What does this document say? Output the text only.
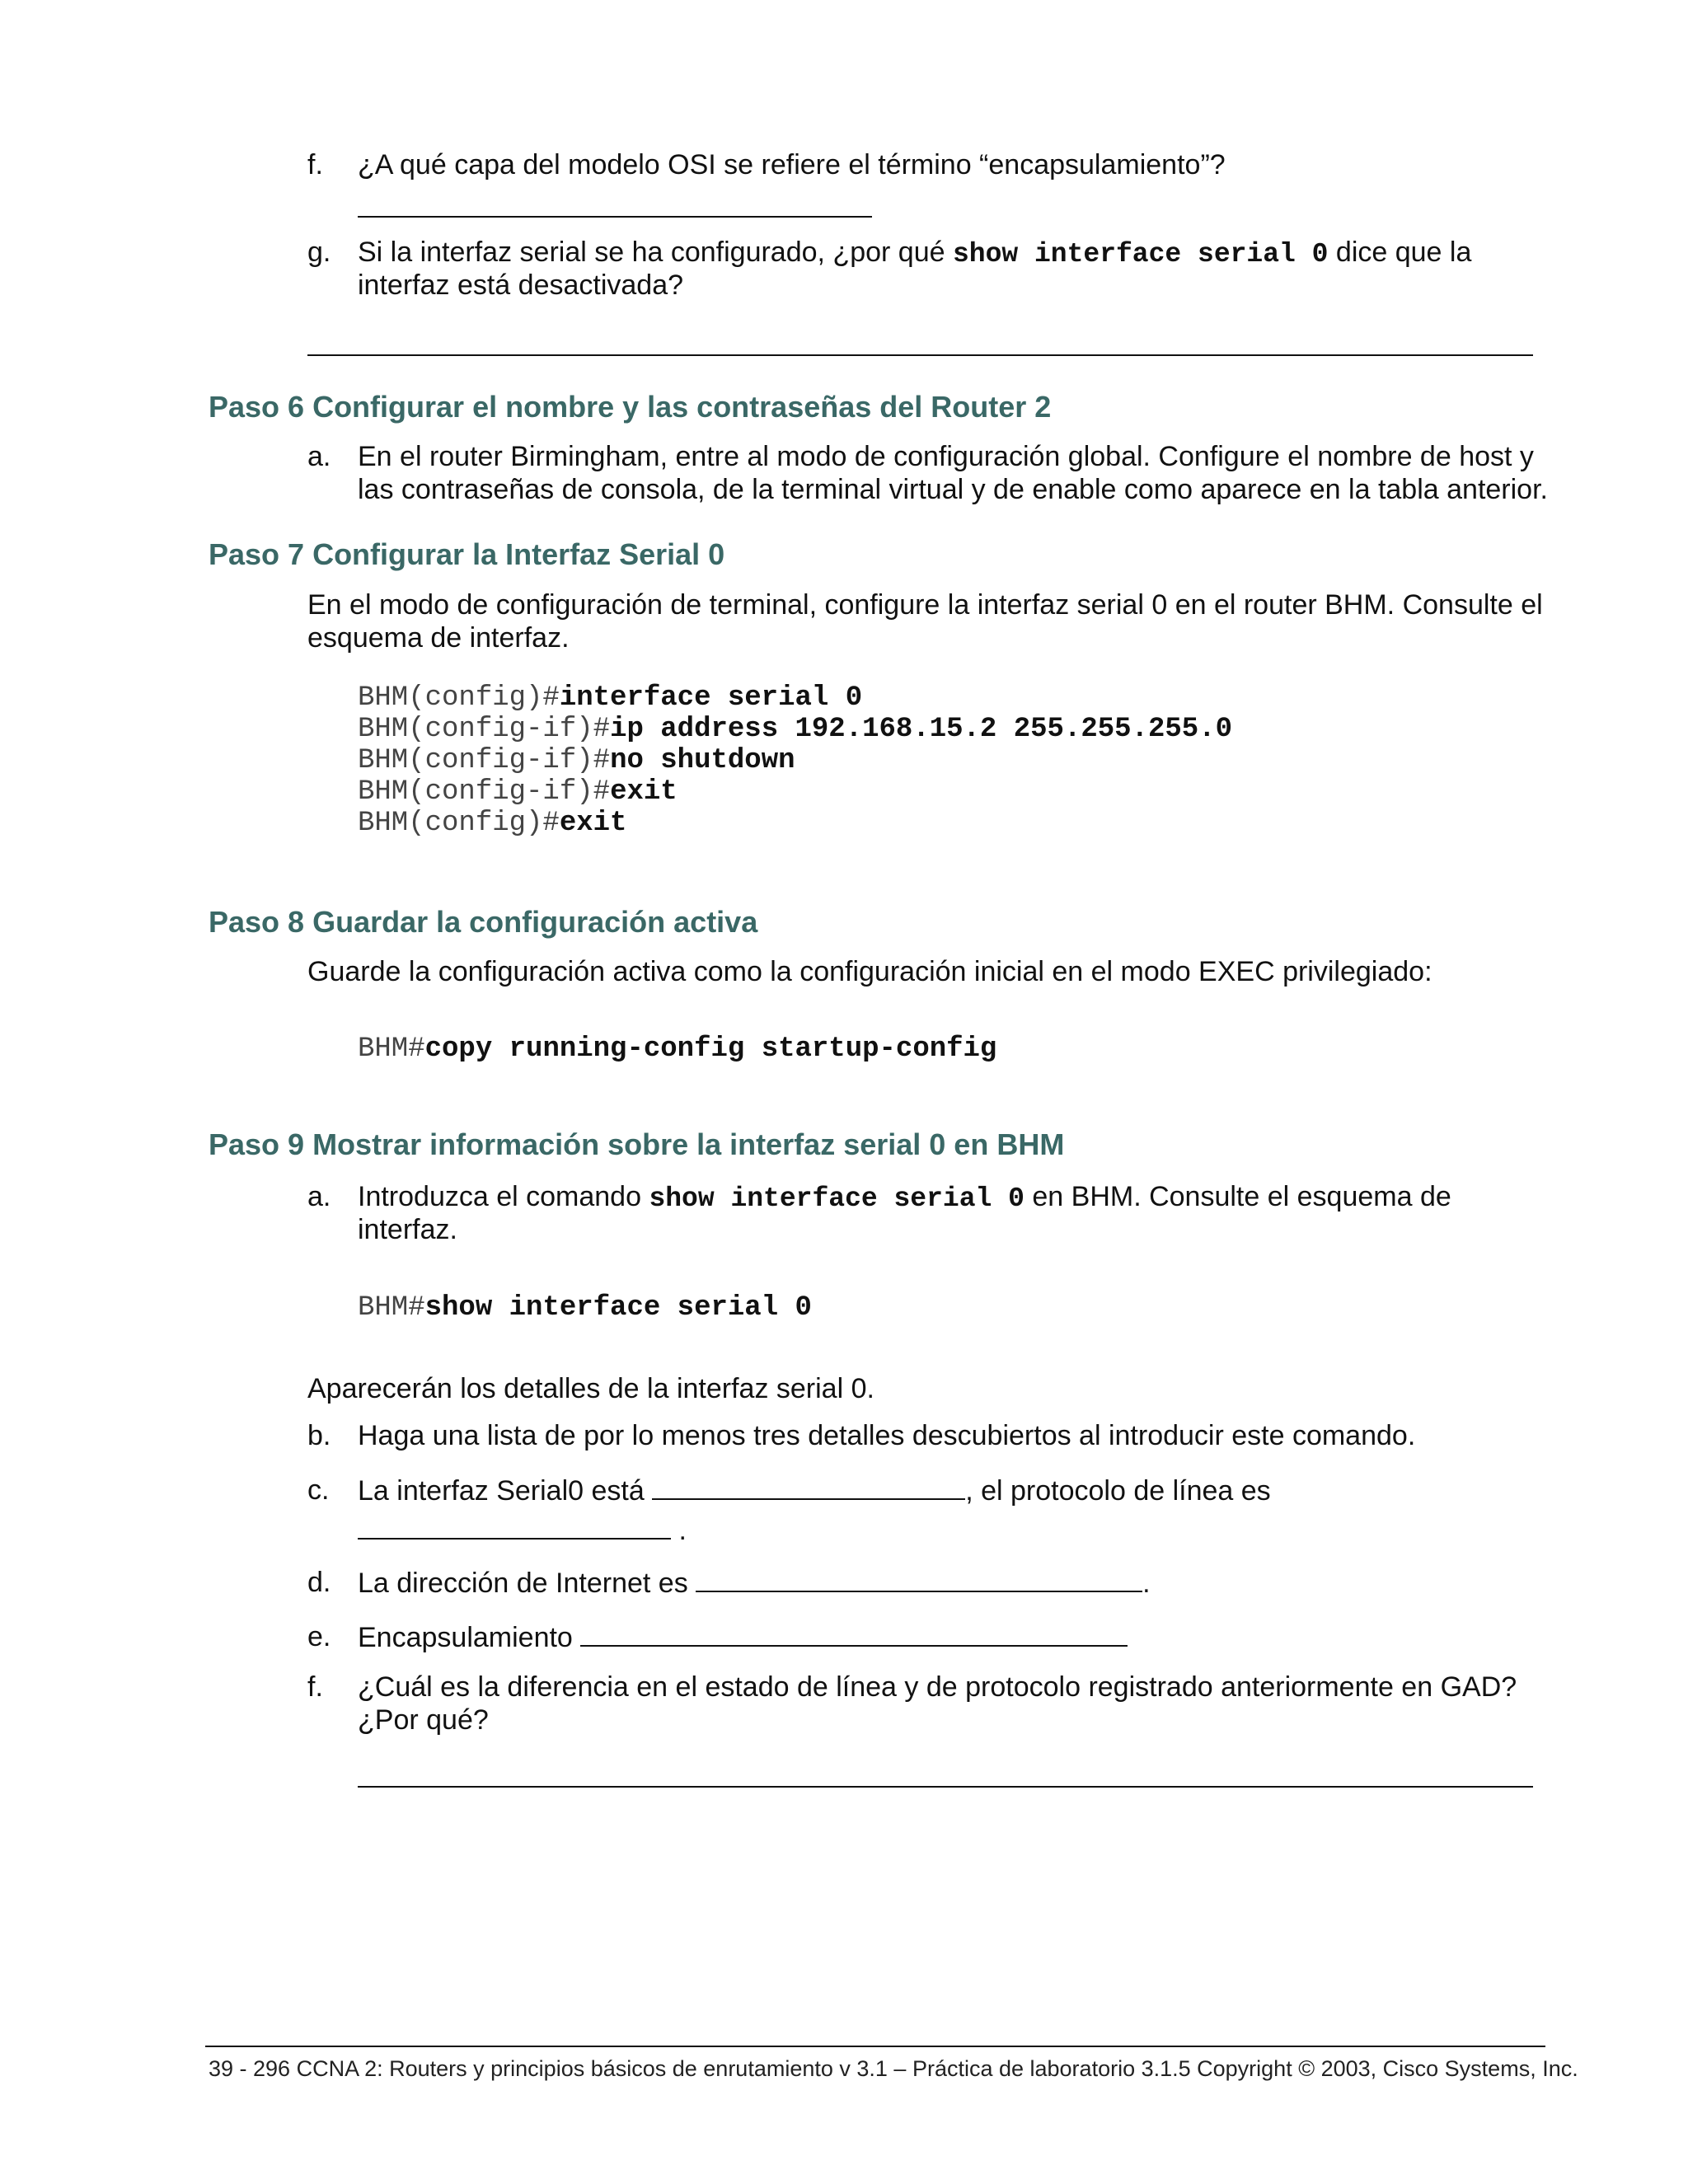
f. ¿A qué capa del modelo OSI se refiere el término “encapsulamiento”?
g. Si la interfaz serial se ha configurado, ¿por qué show interface serial 0 dice que la
interfaz está desactivada?
Paso 6 Configurar el nombre y las contraseñas del Router 2
a. En el router Birmingham, entre al modo de configuración global. Configure el nombre de host y
las contraseñas de consola, de la terminal virtual y de enable como aparece en la tabla anterior.
Paso 7 Configurar la Interfaz Serial 0
En el modo de configuración de terminal, configure la interfaz serial 0 en el router BHM. Consulte el
esquema de interfaz.
BHM(config)#interface serial 0
BHM(config-if)#ip address 192.168.15.2 255.255.255.0
BHM(config-if)#no shutdown
BHM(config-if)#exit
BHM(config)#exit
Paso 8 Guardar la configuración activa
Guarde la configuración activa como la configuración inicial en el modo EXEC privilegiado:
BHM#copy running-config startup-config
Paso 9 Mostrar información sobre la interfaz serial 0 en BHM
a. Introduzca el comando show interface serial 0 en BHM. Consulte el esquema de
interfaz.
BHM#show interface serial 0
Aparecerán los detalles de la interfaz serial 0.
b. Haga una lista de por lo menos tres detalles descubiertos al introducir este comando.
c. La interfaz Serial0 está	, el protocolo de línea es
.
d. La dirección de Internet es	.
e. Encapsulamiento
f. ¿Cuál es la diferencia en el estado de línea y de protocolo registrado anteriormente en GAD?
¿Por qué?
39 - 296 CCNA 2: Routers y principios básicos de enrutamiento v 3.1 – Práctica de laboratorio 3.1.5 Copyright © 2003, Cisco Systems, Inc.
